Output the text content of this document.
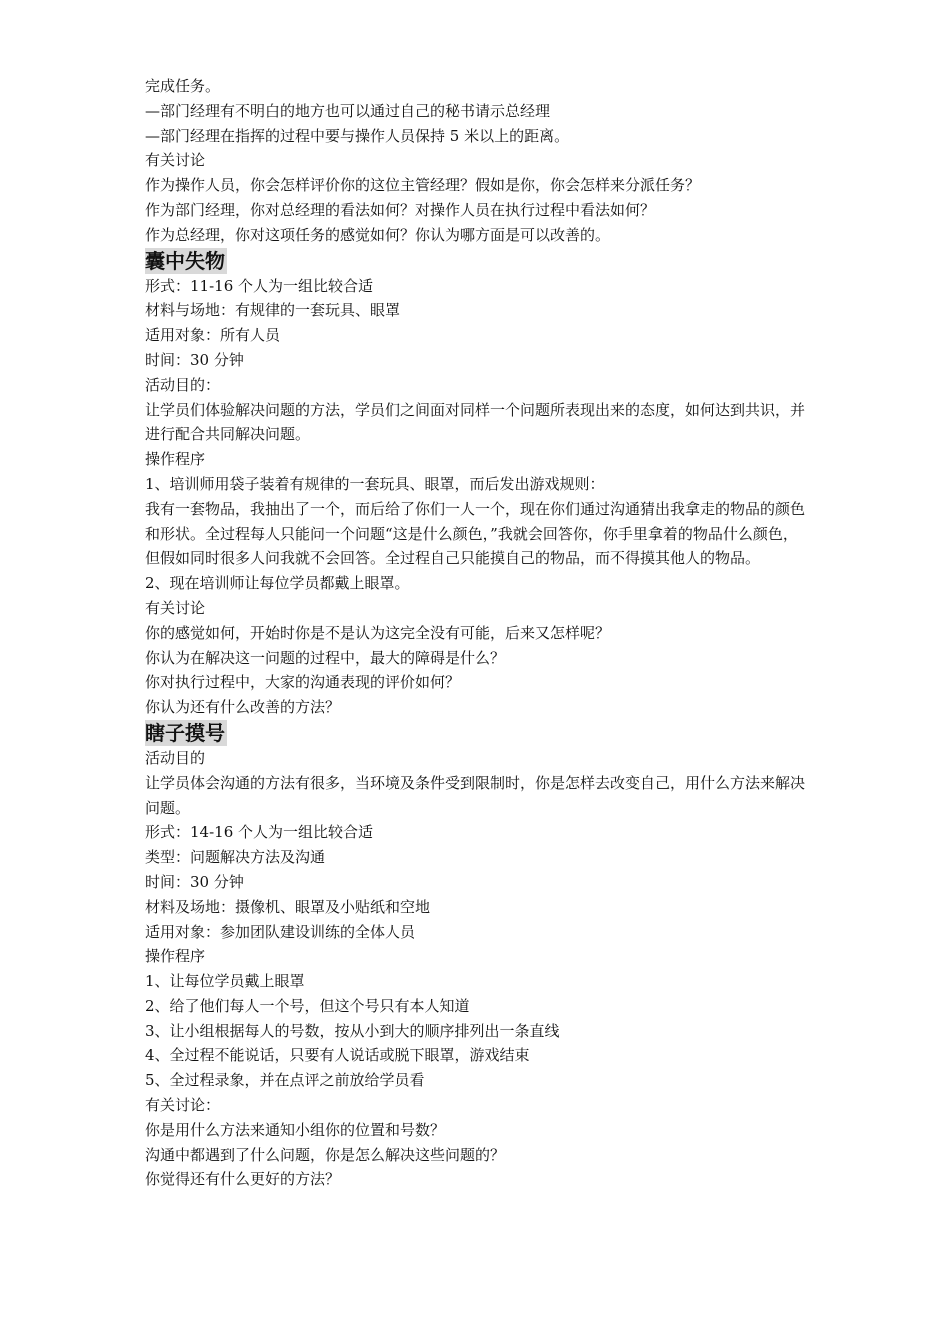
完成任务。

—部门经理有不明白的地方也可以通过自己的秘书请示总经理

—部门经理在指挥的过程中要与操作人员保持 5 米以上的距离。

有关讨论

作为操作人员，你会怎样评价你的这位主管经理？假如是你，你会怎样来分派任务？

作为部门经理，你对总经理的看法如何？对操作人员在执行过程中看法如何？

作为总经理，你对这项任务的感觉如何？你认为哪方面是可以改善的。

囊中失物

形式：11-16 个人为一组比较合适

材料与场地：有规律的一套玩具、眼罩

适用对象：所有人员

时间：30 分钟

活动目的：

让学员们体验解决问题的方法，学员们之间面对同样一个问题所表现出来的态度，如何达到共识，并进行配合共同解决问题。

操作程序

1、培训师用袋子装着有规律的一套玩具、眼罩，而后发出游戏规则：

我有一套物品，我抽出了一个，而后给了你们一人一个，现在你们通过沟通猜出我拿走的物品的颜色和形状。全过程每人只能问一个问题“这是什么颜色，”我就会回答你，你手里拿着的物品什么颜色，但假如同时很多人问我就不会回答。全过程自己只能摸自己的物品，而不得摸其他人的物品。

2、现在培训师让每位学员都戴上眼罩。

有关讨论

你的感觉如何，开始时你是不是认为这完全没有可能，后来又怎样呢？

你认为在解决这一问题的过程中，最大的障碍是什么？

你对执行过程中，大家的沟通表现的评价如何？

你认为还有什么改善的方法？

瞎子摸号

活动目的

让学员体会沟通的方法有很多，当环境及条件受到限制时，你是怎样去改变自己，用什么方法来解决问题。

形式：14-16 个人为一组比较合适

类型：问题解决方法及沟通

时间：30 分钟

材料及场地：摄像机、眼罩及小贴纸和空地

适用对象：参加团队建设训练的全体人员

操作程序

1、让每位学员戴上眼罩

2、给了他们每人一个号，但这个号只有本人知道

3、让小组根据每人的号数，按从小到大的顺序排列出一条直线

4、全过程不能说话，只要有人说话或脱下眼罩，游戏结束

5、全过程录象，并在点评之前放给学员看

有关讨论：

你是用什么方法来通知小组你的位置和号数？

沟通中都遇到了什么问题，你是怎么解决这些问题的？

你觉得还有什么更好的方法？
